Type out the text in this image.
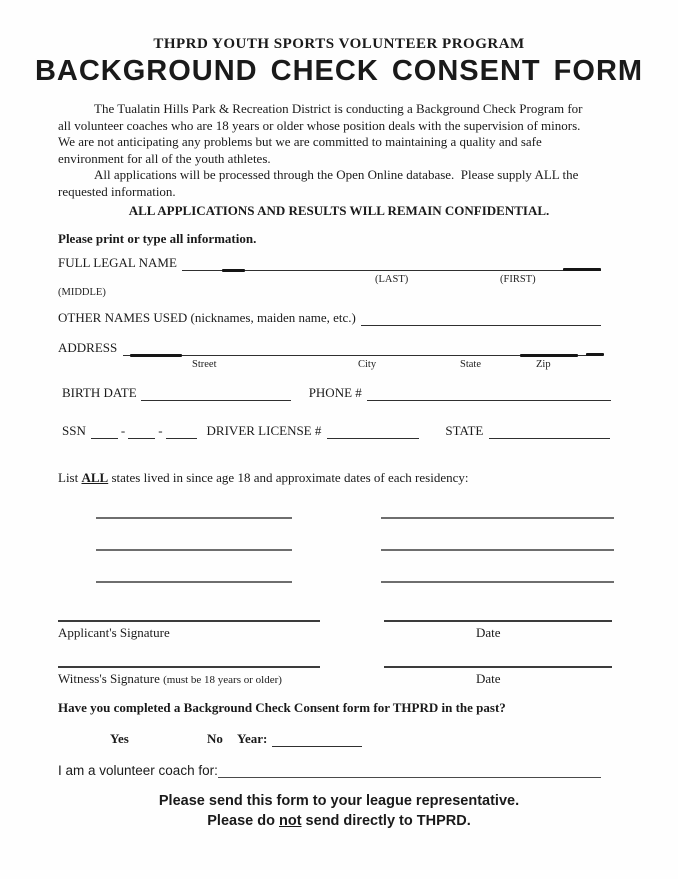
THPRD YOUTH SPORTS VOLUNTEER PROGRAM
BACKGROUND CHECK CONSENT FORM

The Tualatin Hills Park & Recreation District is conducting a Background Check Program for all volunteer coaches who are 18 years or older whose position deals with the supervision of minors.  We are not anticipating any problems but we are committed to maintaining a quality and safe environment for all of the youth athletes.

All applications will be processed through the Open Online database.  Please supply ALL the requested information.

ALL APPLICATIONS AND RESULTS WILL REMAIN CONFIDENTIAL.
Please print or type all information.
FULL LEGAL NAME
(LAST)	(FIRST)
(MIDDLE)
OTHER NAMES USED (nicknames, maiden name, etc.)
ADDRESS
Street	City	State	Zip
BIRTH DATE	PHONE #
SSN	-	-	DRIVER LICENSE #	STATE
List ALL states lived in since age 18 and approximate dates of each residency:
Applicant's Signature	Date
Witness's Signature (must be 18 years or older)	Date
Have you completed a Background Check Consent form for THPRD in the past?
Yes	No Year:
I am a volunteer coach for:
Please send this form to your league representative.
Please do not send directly to THPRD.
